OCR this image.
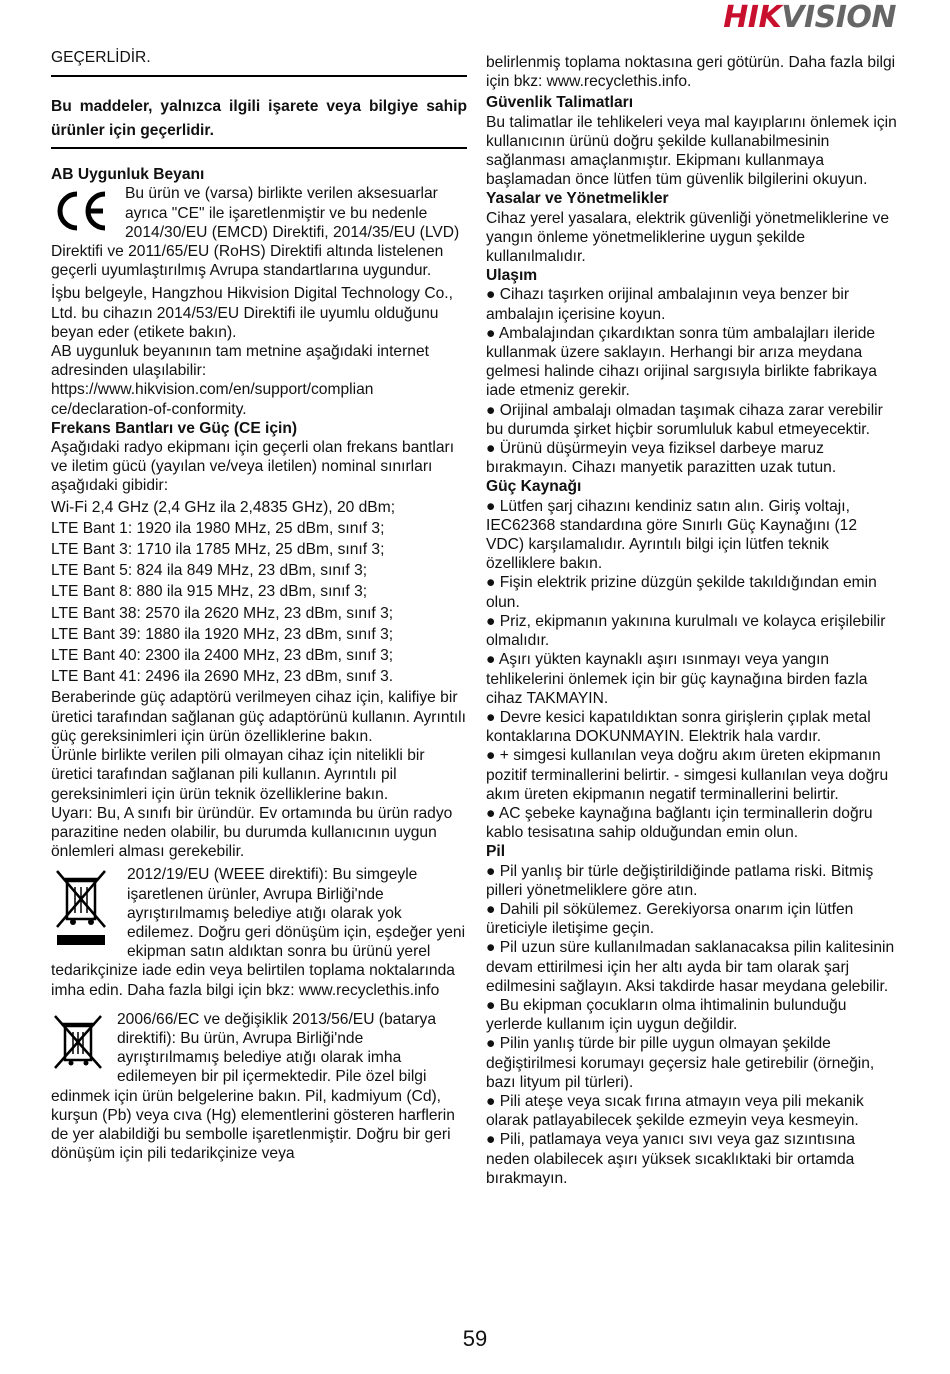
HIKVISION

GEÇERLİDİR.

Bu maddeler, yalnızca ilgili işarete veya bilgiye sahip ürünler için geçerlidir.

AB Uygunluk Beyanı

Bu ürün ve (varsa) birlikte verilen aksesuarlar ayrıca "CE" ile işaretlenmiştir ve bu nedenle 2014/30/EU (EMCD) Direktifi, 2014/35/EU (LVD) Direktifi ve 2011/65/EU (RoHS) Direktifi altında listelenen geçerli uyumlaştırılmış Avrupa standartlarına uygundur.

İşbu belgeyle, Hangzhou Hikvision Digital Technology Co., Ltd. bu cihazın 2014/53/EU Direktifi ile uyumlu olduğunu beyan eder (etikete bakın).

AB uygunluk beyanının tam metnine aşağıdaki internet adresinden ulaşılabilir:

https://www.hikvision.com/en/support/complian ce/declaration-of-conformity.

Frekans Bantları ve Güç (CE için)

Aşağıdaki radyo ekipmanı için geçerli olan frekans bantları ve iletim gücü (yayılan ve/veya iletilen) nominal sınırları aşağıdaki gibidir:

Wi-Fi 2,4 GHz (2,4 GHz ila 2,4835 GHz), 20 dBm;

LTE Bant 1: 1920 ila 1980 MHz, 25 dBm, sınıf 3;

LTE Bant 3: 1710 ila 1785 MHz, 25 dBm, sınıf 3;

LTE Bant 5: 824 ila 849 MHz, 23 dBm, sınıf 3;

LTE Bant 8: 880 ila 915 MHz, 23 dBm, sınıf 3;

LTE Bant 38: 2570 ila 2620 MHz, 23 dBm, sınıf 3;

LTE Bant 39: 1880 ila 1920 MHz, 23 dBm, sınıf 3;

LTE Bant 40: 2300 ila 2400 MHz, 23 dBm, sınıf 3;

LTE Bant 41: 2496 ila 2690 MHz, 23 dBm, sınıf 3.

Beraberinde güç adaptörü verilmeyen cihaz için, kalifiye bir üretici tarafından sağlanan güç adaptörünü kullanın. Ayrıntılı güç gereksinimleri için ürün özelliklerine bakın.

Ürünle birlikte verilen pili olmayan cihaz için nitelikli bir üretici tarafından sağlanan pili kullanın. Ayrıntılı pil gereksinimleri için ürün teknik özelliklerine bakın.

Uyarı: Bu, A sınıfı bir üründür. Ev ortamında bu ürün radyo parazitine neden olabilir, bu durumda kullanıcının uygun önlemleri alması gerekebilir.

2012/19/EU (WEEE direktifi): Bu simgeyle işaretlenen ürünler, Avrupa Birliği'nde ayrıştırılmamış belediye atığı olarak yok edilemez. Doğru geri dönüşüm için, eşdeğer yeni ekipman satın aldıktan sonra bu ürünü yerel tedarikçinize iade edin veya belirtilen toplama noktalarında imha edin. Daha fazla bilgi için bkz: www.recyclethis.info

2006/66/EC ve değişiklik 2013/56/EU (batarya direktifi): Bu ürün, Avrupa Birliği'nde ayrıştırılmamış belediye atığı olarak imha edilemeyen bir pil içermektedir. Pile özel bilgi edinmek için ürün belgelerine bakın. Pil, kadmiyum (Cd), kurşun (Pb) veya cıva (Hg) elementlerini gösteren harflerin de yer alabildiği bu sembolle işaretlenmiştir. Doğru bir geri dönüşüm için pili tedarikçinize veya

belirlenmiş toplama noktasına geri götürün. Daha fazla bilgi için bkz: www.recyclethis.info.

Güvenlik Talimatları

Bu talimatlar ile tehlikeleri veya mal kayıplarını önlemek için kullanıcının ürünü doğru şekilde kullanabilmesinin sağlanması amaçlanmıştır. Ekipmanı kullanmaya başlamadan önce lütfen tüm güvenlik bilgilerini okuyun.

Yasalar ve Yönetmelikler

Cihaz yerel yasalara, elektrik güvenliği yönetmeliklerine ve yangın önleme yönetmeliklerine uygun şekilde kullanılmalıdır.

Ulaşım

● Cihazı taşırken orijinal ambalajının veya benzer bir ambalajın içerisine koyun.

● Ambalajından çıkardıktan sonra tüm ambalajları ileride kullanmak üzere saklayın. Herhangi bir arıza meydana gelmesi halinde cihazı orijinal sargısıyla birlikte fabrikaya iade etmeniz gerekir.

● Orijinal ambalajı olmadan taşımak cihaza zarar verebilir bu durumda şirket hiçbir sorumluluk kabul etmeyecektir.

● Ürünü düşürmeyin veya fiziksel darbeye maruz bırakmayın. Cihazı manyetik parazitten uzak tutun.

Güç Kaynağı

● Lütfen şarj cihazını kendiniz satın alın. Giriş voltajı, IEC62368 standardına göre Sınırlı Güç Kaynağını (12 VDC) karşılamalıdır. Ayrıntılı bilgi için lütfen teknik özelliklere bakın.

● Fişin elektrik prizine düzgün şekilde takıldığından emin olun.

● Priz, ekipmanın yakınına kurulmalı ve kolayca erişilebilir olmalıdır.

● Aşırı yükten kaynaklı aşırı ısınmayı veya yangın tehlikelerini önlemek için bir güç kaynağına birden fazla cihaz TAKMAYIN.

● Devre kesici kapatıldıktan sonra girişlerin çıplak metal kontaklarına DOKUNMAYIN. Elektrik hala vardır.

● + simgesi kullanılan veya doğru akım üreten ekipmanın pozitif terminallerini belirtir. - simgesi kullanılan veya doğru akım üreten ekipmanın negatif terminallerini belirtir.

● AC şebeke kaynağına bağlantı için terminallerin doğru kablo tesisatına sahip olduğundan emin olun.

Pil

● Pil yanlış bir türle değiştirildiğinde patlama riski. Bitmiş pilleri yönetmeliklere göre atın.

● Dahili pil sökülemez. Gerekiyorsa onarım için lütfen üreticiyle iletişime geçin.

● Pil uzun süre kullanılmadan saklanacaksa pilin kalitesinin devam ettirilmesi için her altı ayda bir tam olarak şarj edilmesini sağlayın. Aksi takdirde hasar meydana gelebilir.

● Bu ekipman çocukların olma ihtimalinin bulunduğu yerlerde kullanım için uygun değildir.

● Pilin yanlış türde bir pille uygun olmayan şekilde değiştirilmesi korumayı geçersiz hale getirebilir (örneğin, bazı lityum pil türleri).

● Pili ateşe veya sıcak fırına atmayın veya pili mekanik olarak patlayabilecek şekilde ezmeyin veya kesmeyin.

● Pili, patlamaya veya yanıcı sıvı veya gaz sızıntısına neden olabilecek aşırı yüksek sıcaklıktaki bir ortamda bırakmayın.

59
